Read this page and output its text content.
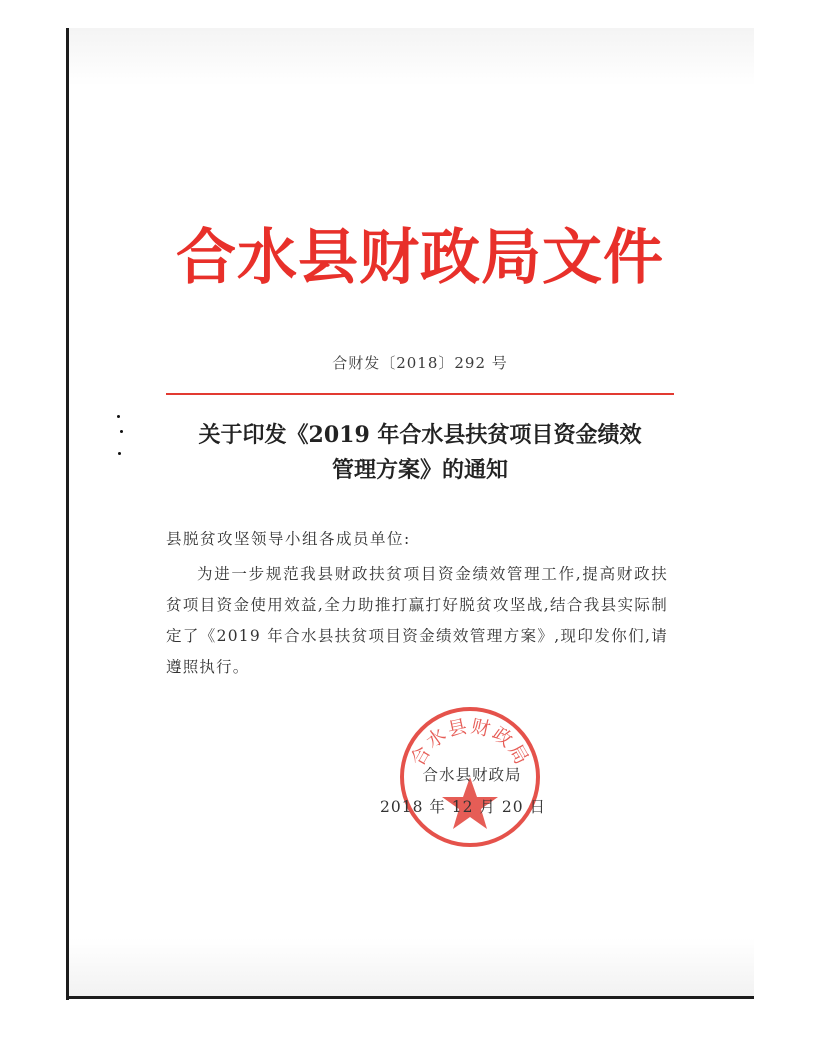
合水县财政局文件
合财发〔2018〕292 号
关于印发《2019 年合水县扶贫项目资金绩效
管理方案》的通知
县脱贫攻坚领导小组各成员单位:

为进一步规范我县财政扶贫项目资金绩效管理工作,提高财政扶贫项目资金使用效益,全力助推打赢打好脱贫攻坚战,结合我县实际制定了《2019 年合水县扶贫项目资金绩效管理方案》,现印发你们,请遵照执行。

合水县财政局
合水县财政局
2018 年 12 月 20 日
